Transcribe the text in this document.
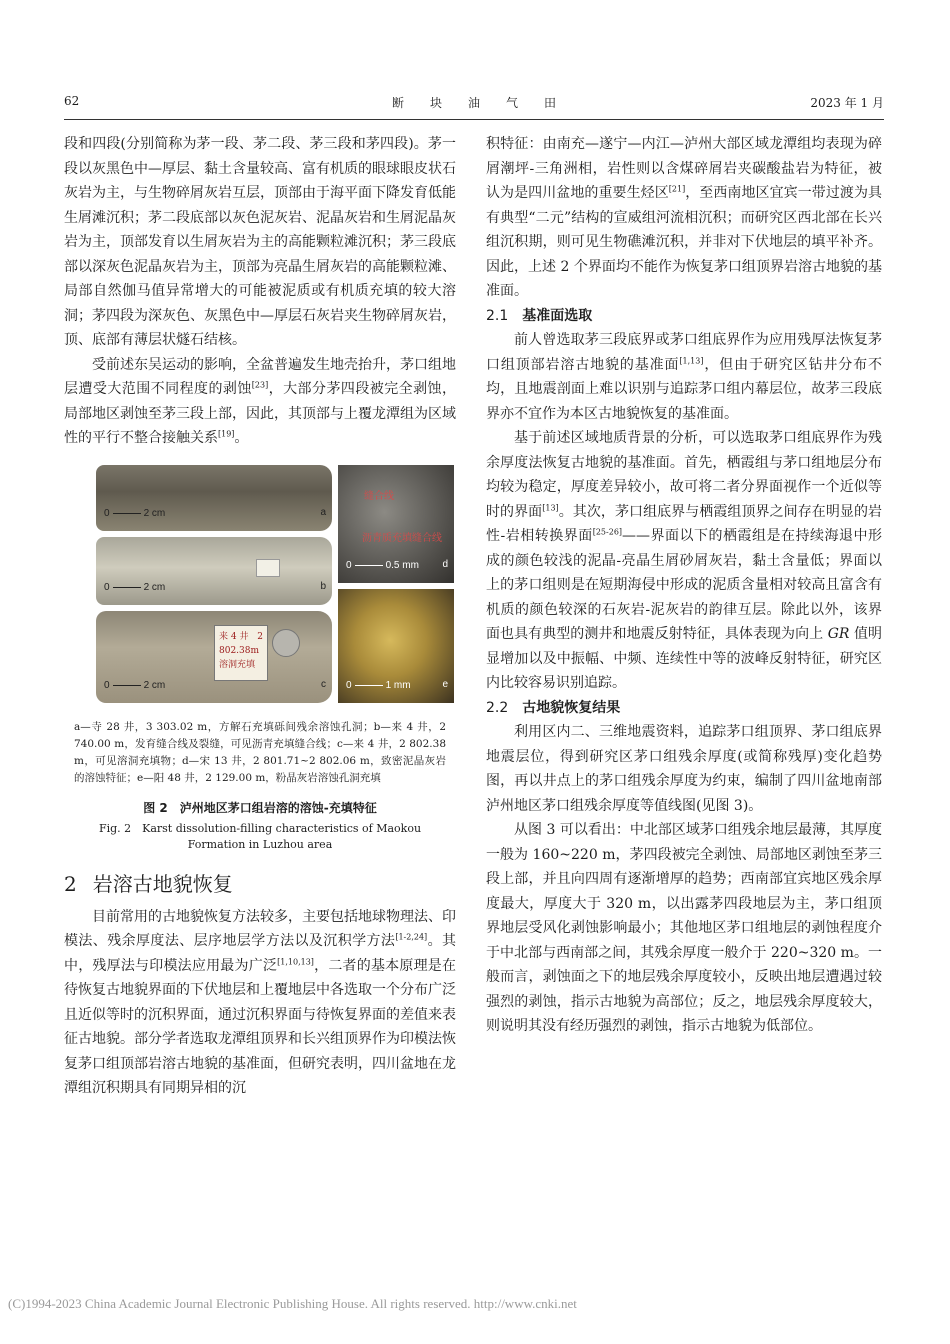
62	断块油气田	2023 年 1 月

段和四段(分别简称为茅一段、茅二段、茅三段和茅四段)。茅一段以灰黑色中—厚层、黏土含量较高、富有机质的眼球眼皮状石灰岩为主，与生物碎屑灰岩互层，顶部由于海平面下降发育低能生屑滩沉积；茅二段底部以灰色泥灰岩、泥晶灰岩和生屑泥晶灰岩为主，顶部发育以生屑灰岩为主的高能颗粒滩沉积；茅三段底部以深灰色泥晶灰岩为主，顶部为亮晶生屑灰岩的高能颗粒滩、局部自然伽马值异常增大的可能被泥质或有机质充填的较大溶洞；茅四段为深灰色、灰黑色中—厚层石灰岩夹生物碎屑灰岩，顶、底部有薄层状燧石结核。

受前述东吴运动的影响，全盆普遍发生地壳抬升，茅口组地层遭受大范围不同程度的剥蚀[23]，大部分茅四段被完全剥蚀，局部地区剥蚀至茅三段上部，因此，其顶部与上覆龙潭组为区域性的平行不整合接触关系[19]。

0	2 cm	a
0	2 cm	b
来4井 2 802.38m 溶洞充填
0	2 cm	c
缝合线
沥青质充填缝合线
0	0.5 mm d
0	1 mm	e
a—寺 28 井，3 303.02 m，方解石充填砾间残余溶蚀孔洞；b—来 4 井，2 740.00 m，发育缝合线及裂缝，可见沥青充填缝合线；c—来 4 井，2 802.38 m，可见溶洞充填物；d—宋 13 井，2 801.71~2 802.06 m，致密泥晶灰岩的溶蚀特征；e—阳 48 井，2 129.00 m，粉晶灰岩溶蚀孔洞充填
图 2　泸州地区茅口组岩溶的溶蚀-充填特征
Fig. 2　Karst dissolution-filling characteristics of Maokou Formation in Luzhou area
2 岩溶古地貌恢复

目前常用的古地貌恢复方法较多，主要包括地球物理法、印模法、残余厚度法、层序地层学方法以及沉积学方法[1-2,24]。其中，残厚法与印模法应用最为广泛[1,10,13]，二者的基本原理是在待恢复古地貌界面的下伏地层和上覆地层中各选取一个分布广泛且近似等时的沉积界面，通过沉积界面与待恢复界面的差值来表征古地貌。部分学者选取龙潭组顶界和长兴组顶界作为印模法恢复茅口组顶部岩溶古地貌的基准面，但研究表明，四川盆地在龙潭组沉积期具有同期异相的沉

积特征：由南充—遂宁—内江—泸州大部区域龙潭组均表现为碎屑潮坪-三角洲相，岩性则以含煤碎屑岩夹碳酸盐岩为特征，被认为是四川盆地的重要生烃区[21]，至西南地区宜宾一带过渡为具有典型“二元”结构的宣威组河流相沉积；而研究区西北部在长兴组沉积期，则可见生物礁滩沉积，并非对下伏地层的填平补齐。因此，上述 2 个界面均不能作为恢复茅口组顶界岩溶古地貌的基准面。

2.1 基准面选取

前人曾选取茅三段底界或茅口组底界作为应用残厚法恢复茅口组顶部岩溶古地貌的基准面[1,13]，但由于研究区钻井分布不均，且地震剖面上难以识别与追踪茅口组内幕层位，故茅三段底界亦不宜作为本区古地貌恢复的基准面。

基于前述区域地质背景的分析，可以选取茅口组底界作为残余厚度法恢复古地貌的基准面。首先，栖霞组与茅口组地层分布均较为稳定，厚度差异较小，故可将二者分界面视作一个近似等时的界面[13]。其次，茅口组底界与栖霞组顶界之间存在明显的岩性-岩相转换界面[25-26]——界面以下的栖霞组是在持续海退中形成的颜色较浅的泥晶-亮晶生屑砂屑灰岩，黏土含量低；界面以上的茅口组则是在短期海侵中形成的泥质含量相对较高且富含有机质的颜色较深的石灰岩-泥灰岩的韵律互层。除此以外，该界面也具有典型的测井和地震反射特征，具体表现为向上 GR 值明显增加以及中振幅、中频、连续性中等的波峰反射特征，研究区内比较容易识别追踪。

2.2 古地貌恢复结果

利用区内二、三维地震资料，追踪茅口组顶界、茅口组底界地震层位，得到研究区茅口组残余厚度(或简称残厚)变化趋势图，再以井点上的茅口组残余厚度为约束，编制了四川盆地南部泸州地区茅口组残余厚度等值线图(见图 3)。

从图 3 可以看出：中北部区域茅口组残余地层最薄，其厚度一般为 160~220 m，茅四段被完全剥蚀、局部地区剥蚀至茅三段上部，并且向四周有逐渐增厚的趋势；西南部宜宾地区残余厚度最大，厚度大于 320 m，以出露茅四段地层为主，茅口组顶界地层受风化剥蚀影响最小；其他地区茅口组地层的剥蚀程度介于中北部与西南部之间，其残余厚度一般介于 220~320 m。一般而言，剥蚀面之下的地层残余厚度较小，反映出地层遭遇过较强烈的剥蚀，指示古地貌为高部位；反之，地层残余厚度较大，则说明其没有经历强烈的剥蚀，指示古地貌为低部位。

(C)1994-2023 China Academic Journal Electronic Publishing House. All rights reserved. http://www.cnki.net
